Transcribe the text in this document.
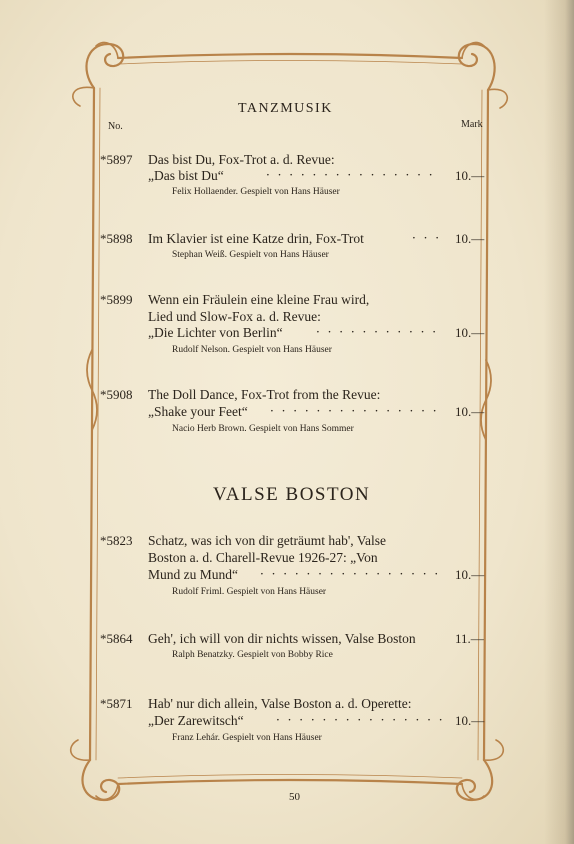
TANZMUSIK
No.	Mark
*5897 Das bist Du, Fox-Trot a. d. Revue:
„Das bist Du“	· · · · · · · · · · · · · · · 10.—
Felix Hollaender. Gespielt von Hans Häuser
*5898 Im Klavier ist eine Katze drin, Fox-Trot	· · · 10.—
Stephan Weiß. Gespielt von Hans Häuser
*5899 Wenn ein Fräulein eine kleine Frau wird,
Lied und Slow-Fox a. d. Revue:
„Die Lichter von Berlin“	· · · · · · · · · · · 10.—
Rudolf Nelson. Gespielt von Hans Häuser
*5908 The Doll Dance, Fox-Trot from the Revue:
„Shake your Feet“ · · · · · · · · · · · · · · · 10.—
Nacio Herb Brown. Gespielt von Hans Sommer
VALSE BOSTON
*5823 Schatz, was ich von dir geträumt hab', Valse
Boston a. d. Charell-Revue 1926-27: „Von
Mund zu Mund“ · · · · · · · · · · · · · · · · 10.—
Rudolf Friml. Gespielt von Hans Häuser
*5864 Geh', ich will von dir nichts wissen, Valse Boston	11.—
Ralph Benatzky. Gespielt von Bobby Rice
*5871 Hab' nur dich allein, Valse Boston a. d. Operette:
„Der Zarewitsch“	· · · · · · · · · · · · · · · 10.—
Franz Lehár. Gespielt von Hans Häuser
50
